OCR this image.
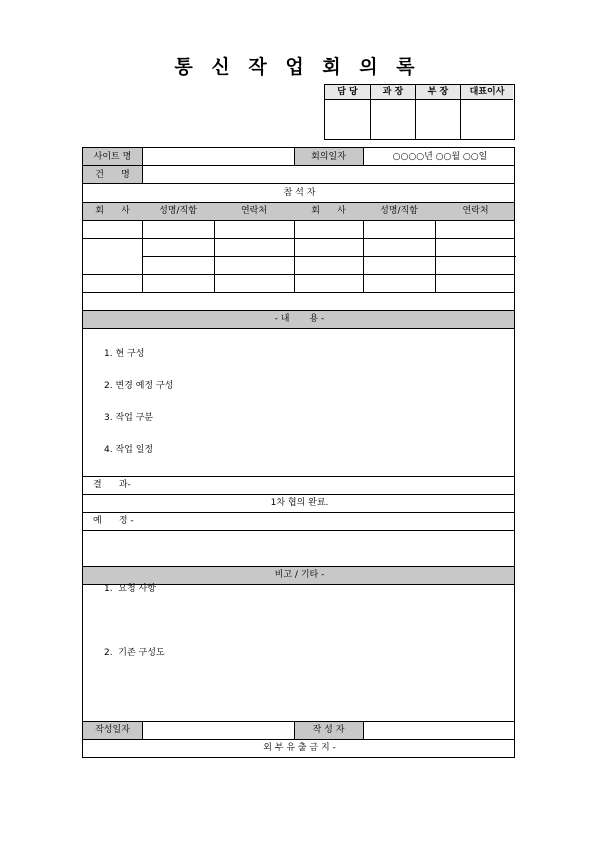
통 신 작 업 회 의 록
담 당	과 장	부 장	대표이사
사이트 명	회의일자	○○○○년 ○○월 ○○일
건      명
참 석 자
회      사	성명/직함	연락처	회      사	성명/직함	연락처
- 내       용 -
1. 현 구성
2. 변경 예정 구성
3. 작업 구분
4. 작업 일정
결      과-
1차 협의 완료.
예      정 -
비고 / 기타 -
1.  요청 사항
2.  기존 구성도
작성일자	작 성 자
외 부 유 출 금 지 -
